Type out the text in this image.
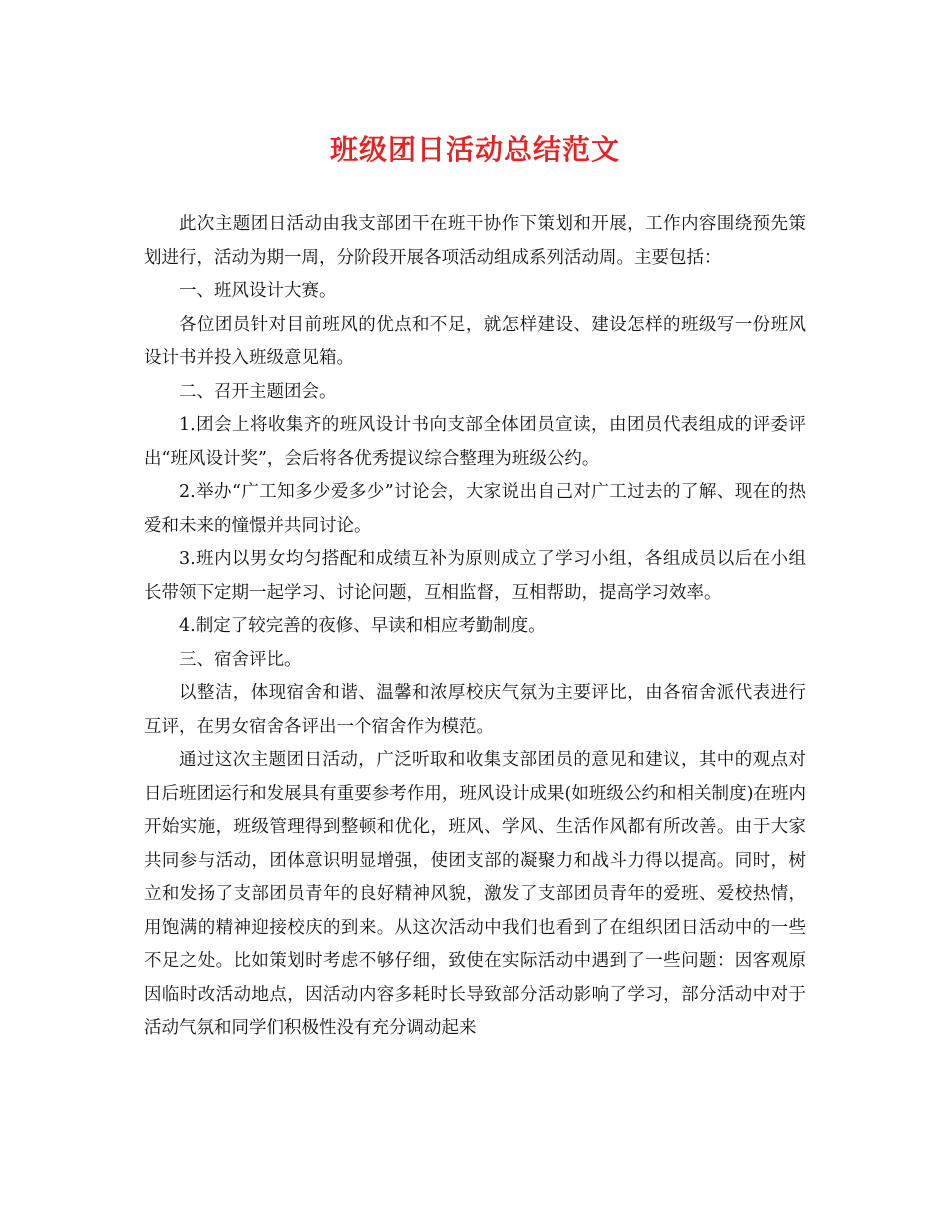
班级团日活动总结范文

此次主题团日活动由我支部团干在班干协作下策划和开展，工作内容围绕预先策划进行，活动为期一周，分阶段开展各项活动组成系列活动周。主要包括：

一、班风设计大赛。

各位团员针对目前班风的优点和不足，就怎样建设、建设怎样的班级写一份班风设计书并投入班级意见箱。

二、召开主题团会。

1.团会上将收集齐的班风设计书向支部全体团员宣读，由团员代表组成的评委评出“班风设计奖”，会后将各优秀提议综合整理为班级公约。

2.举办“广工知多少爱多少”讨论会，大家说出自己对广工过去的了解、现在的热爱和未来的憧憬并共同讨论。

3.班内以男女均匀搭配和成绩互补为原则成立了学习小组，各组成员以后在小组长带领下定期一起学习、讨论问题，互相监督，互相帮助，提高学习效率。

4.制定了较完善的夜修、早读和相应考勤制度。

三、宿舍评比。

以整洁，体现宿舍和谐、温馨和浓厚校庆气氛为主要评比，由各宿舍派代表进行互评，在男女宿舍各评出一个宿舍作为模范。

通过这次主题团日活动，广泛听取和收集支部团员的意见和建议，其中的观点对日后班团运行和发展具有重要参考作用，班风设计成果(如班级公约和相关制度)在班内开始实施，班级管理得到整顿和优化，班风、学风、生活作风都有所改善。由于大家共同参与活动，团体意识明显增强，使团支部的凝聚力和战斗力得以提高。同时，树立和发扬了支部团员青年的良好精神风貌，激发了支部团员青年的爱班、爱校热情，用饱满的精神迎接校庆的到来。从这次活动中我们也看到了在组织团日活动中的一些不足之处。比如策划时考虑不够仔细，致使在实际活动中遇到了一些问题：因客观原因临时改活动地点，因活动内容多耗时长导致部分活动影响了学习，部分活动中对于活动气氛和同学们积极性没有充分调动起来
